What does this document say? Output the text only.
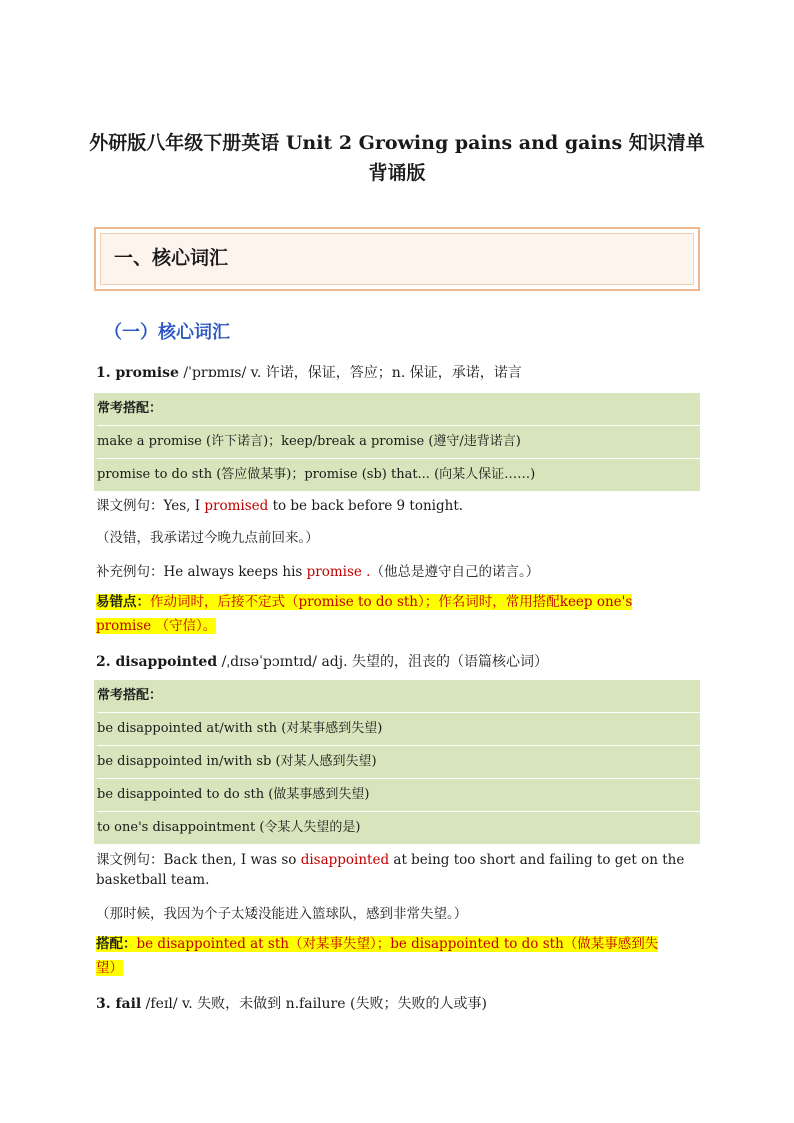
外研版八年级下册英语 Unit 2 Growing pains and gains 知识清单
背诵版
一、核心词汇
（一）核心词汇
1. promise /ˈprɒmɪs/ v. 许诺，保证，答应；n. 保证，承诺，诺言
常考搭配：
make a promise (许下诺言)；keep/break a promise (遵守/违背诺言)
promise to do sth (答应做某事)；promise (sb) that... (向某人保证……)
课文例句：Yes, I promised to be back before 9 tonight.
（没错，我承诺过今晚九点前回来。）
补充例句：He always keeps his promise .（他总是遵守自己的诺言。）
易错点：作动词时，后接不定式（promise to do sth）；作名词时，常用搭配keep one's
promise （守信）。
2. disappointed /ˌdɪsəˈpɔɪntɪd/ adj. 失望的，沮丧的（语篇核心词）
常考搭配：
be disappointed at/with sth (对某事感到失望)
be disappointed in/with sb (对某人感到失望)
be disappointed to do sth (做某事感到失望)
to one's disappointment (令某人失望的是)
课文例句：Back then, I was so disappointed at being too short and failing to get on the
basketball team.
（那时候，我因为个子太矮没能进入篮球队，感到非常失望。）
搭配：be disappointed at sth（对某事失望）；be disappointed to do sth（做某事感到失
望）
3. fail /feɪl/ v. 失败，未做到 n.failure (失败；失败的人或事)
